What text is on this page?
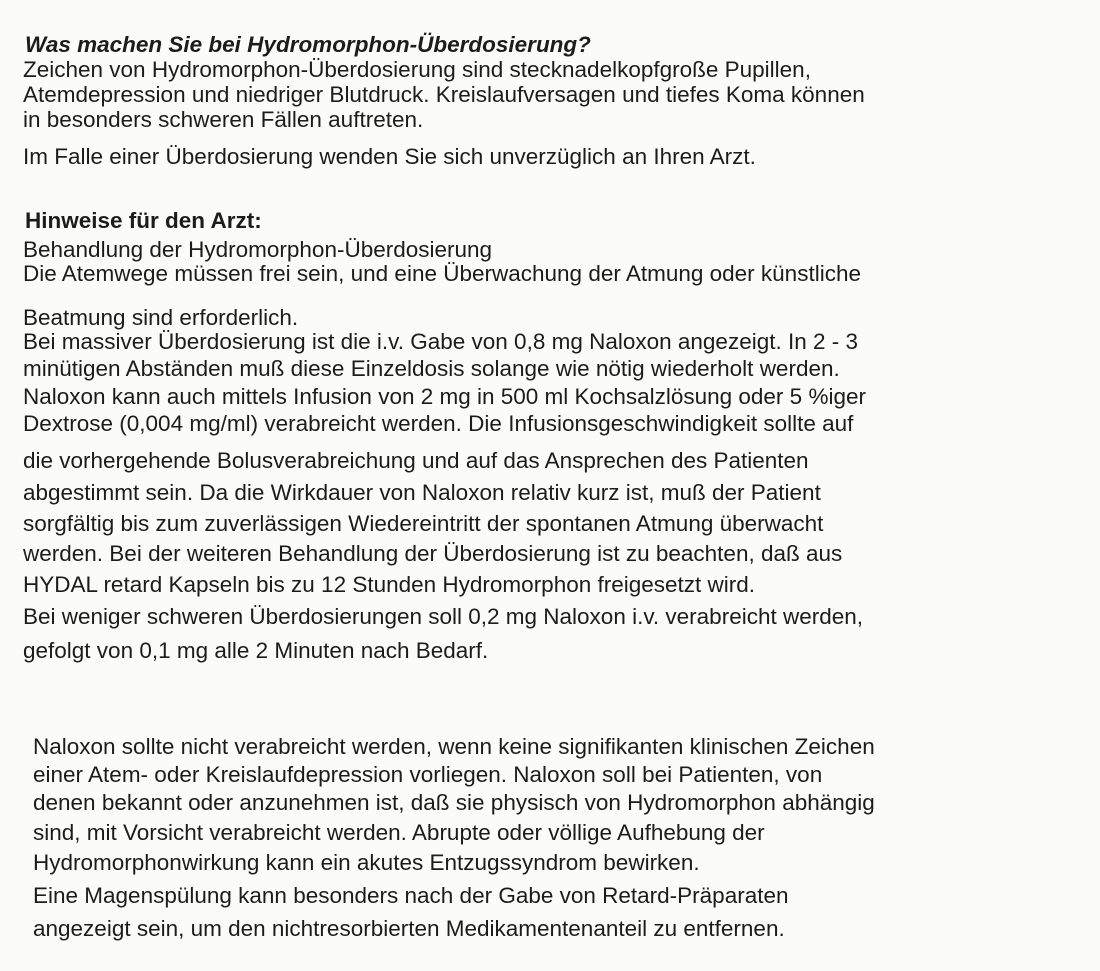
Was machen Sie bei Hydromorphon-Überdosierung?

Zeichen von Hydromorphon-Überdosierung sind stecknadelkopfgroße Pupillen,

Atemdepression und niedriger Blutdruck. Kreislaufversagen und tiefes Koma können

in besonders schweren Fällen auftreten.

Im Falle einer Überdosierung wenden Sie sich unverzüglich an Ihren Arzt.

Hinweise für den Arzt:

Behandlung der Hydromorphon-Überdosierung

Die Atemwege müssen frei sein, und eine Überwachung der Atmung oder künstliche

Beatmung sind erforderlich.

Bei massiver Überdosierung ist die i.v. Gabe von 0,8 mg Naloxon angezeigt. In 2 - 3

minütigen Abständen muß diese Einzeldosis solange wie nötig wiederholt werden.

Naloxon kann auch mittels Infusion von 2 mg in 500 ml Kochsalzlösung oder 5 %iger

Dextrose (0,004 mg/ml) verabreicht werden. Die Infusionsgeschwindigkeit sollte auf

die vorhergehende Bolusverabreichung und auf das Ansprechen des Patienten

abgestimmt sein. Da die Wirkdauer von Naloxon relativ kurz ist, muß der Patient

sorgfältig bis zum zuverlässigen Wiedereintritt der spontanen Atmung überwacht

werden. Bei der weiteren Behandlung der Überdosierung ist zu beachten, daß aus

HYDAL retard Kapseln bis zu 12 Stunden Hydromorphon freigesetzt wird.

Bei weniger schweren Überdosierungen soll 0,2 mg Naloxon i.v. verabreicht werden,

gefolgt von 0,1 mg alle 2 Minuten nach Bedarf.

Naloxon sollte nicht verabreicht werden, wenn keine signifikanten klinischen Zeichen

einer Atem- oder Kreislaufdepression vorliegen. Naloxon soll bei Patienten, von

denen bekannt oder anzunehmen ist, daß sie physisch von Hydromorphon abhängig

sind, mit Vorsicht verabreicht werden. Abrupte oder völlige Aufhebung der

Hydromorphonwirkung kann ein akutes Entzugssyndrom bewirken.

Eine Magenspülung kann besonders nach der Gabe von Retard-Präparaten

angezeigt sein, um den nichtresorbierten Medikamentenanteil zu entfernen.
